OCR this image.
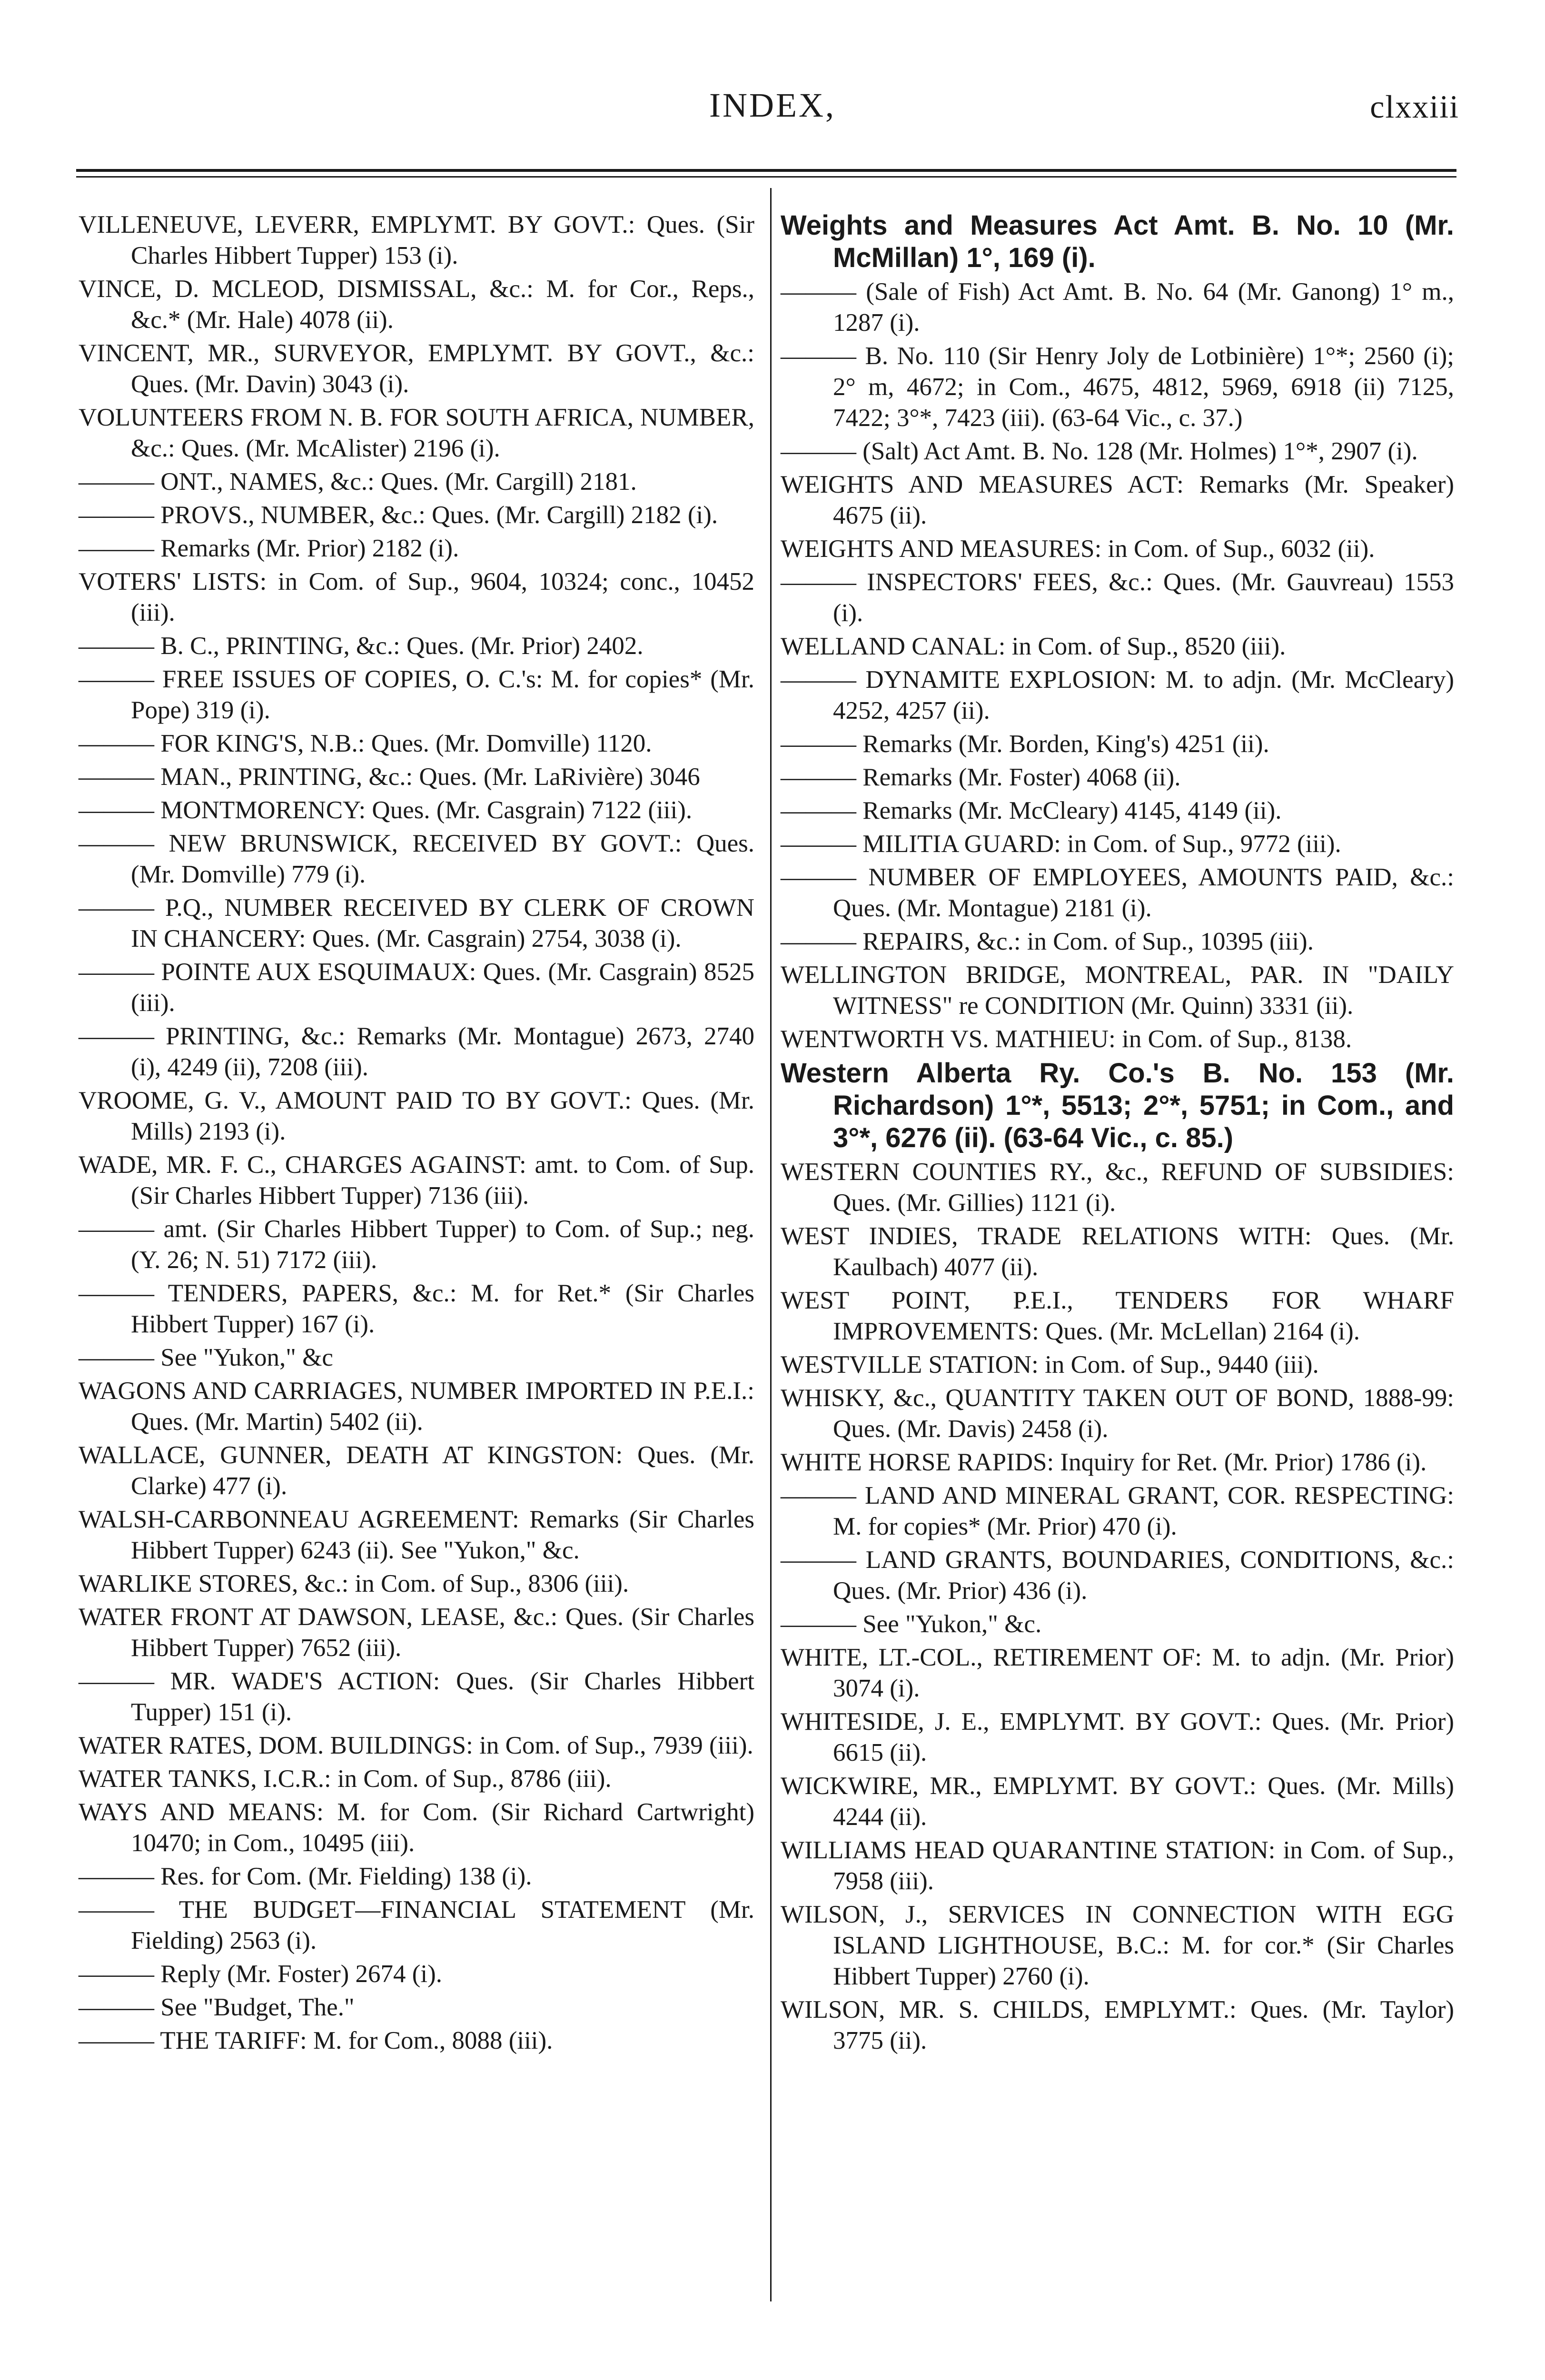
INDEX,	clxxiii

VILLENEUVE, LEVERR, EMPLYMT. BY GOVT.: Ques. (Sir Charles Hibbert Tupper) 153 (i).

VINCE, D. MCLEOD, DISMISSAL, &c.: M. for Cor., Reps., &c.* (Mr. Hale) 4078 (ii).

VINCENT, MR., SURVEYOR, EMPLYMT. BY GOVT., &c.: Ques. (Mr. Davin) 3043 (i).

VOLUNTEERS FROM N. B. FOR SOUTH AFRICA, NUMBER, &c.: Ques. (Mr. McAlister) 2196 (i).

——— ONT., NAMES, &c.: Ques. (Mr. Cargill) 2181.

——— PROVS., NUMBER, &c.: Ques. (Mr. Cargill) 2182 (i).

——— Remarks (Mr. Prior) 2182 (i).

VOTERS' LISTS: in Com. of Sup., 9604, 10324; conc., 10452 (iii).

——— B. C., PRINTING, &c.: Ques. (Mr. Prior) 2402.

——— FREE ISSUES OF COPIES, O. C.'s: M. for copies* (Mr. Pope) 319 (i).

——— FOR KING'S, N.B.: Ques. (Mr. Domville) 1120.

——— MAN., PRINTING, &c.: Ques. (Mr. LaRivière) 3046

——— MONTMORENCY: Ques. (Mr. Casgrain) 7122 (iii).

——— NEW BRUNSWICK, RECEIVED BY GOVT.: Ques. (Mr. Domville) 779 (i).

——— P.Q., NUMBER RECEIVED BY CLERK OF CROWN IN CHANCERY: Ques. (Mr. Casgrain) 2754, 3038 (i).

——— POINTE AUX ESQUIMAUX: Ques. (Mr. Casgrain) 8525 (iii).

——— PRINTING, &c.: Remarks (Mr. Montague) 2673, 2740 (i), 4249 (ii), 7208 (iii).

VROOME, G. V., AMOUNT PAID TO BY GOVT.: Ques. (Mr. Mills) 2193 (i).

WADE, MR. F. C., CHARGES AGAINST: amt. to Com. of Sup. (Sir Charles Hibbert Tupper) 7136 (iii).

——— amt. (Sir Charles Hibbert Tupper) to Com. of Sup.; neg. (Y. 26; N. 51) 7172 (iii).

——— TENDERS, PAPERS, &c.: M. for Ret.* (Sir Charles Hibbert Tupper) 167 (i).

——— See "Yukon," &c

WAGONS AND CARRIAGES, NUMBER IMPORTED IN P.E.I.: Ques. (Mr. Martin) 5402 (ii).

WALLACE, GUNNER, DEATH AT KINGSTON: Ques. (Mr. Clarke) 477 (i).

WALSH-CARBONNEAU AGREEMENT: Remarks (Sir Charles Hibbert Tupper) 6243 (ii). See "Yukon," &c.

WARLIKE STORES, &c.: in Com. of Sup., 8306 (iii).

WATER FRONT AT DAWSON, LEASE, &c.: Ques. (Sir Charles Hibbert Tupper) 7652 (iii).

——— MR. WADE'S ACTION: Ques. (Sir Charles Hibbert Tupper) 151 (i).

WATER RATES, DOM. BUILDINGS: in Com. of Sup., 7939 (iii).

WATER TANKS, I.C.R.: in Com. of Sup., 8786 (iii).

WAYS AND MEANS: M. for Com. (Sir Richard Cartwright) 10470; in Com., 10495 (iii).

——— Res. for Com. (Mr. Fielding) 138 (i).

——— THE BUDGET—FINANCIAL STATEMENT (Mr. Fielding) 2563 (i).

——— Reply (Mr. Foster) 2674 (i).

——— See "Budget, The."

——— THE TARIFF: M. for Com., 8088 (iii).

Weights and Measures Act Amt. B. No. 10 (Mr. McMillan) 1°, 169 (i).

——— (Sale of Fish) Act Amt. B. No. 64 (Mr. Ganong) 1° m., 1287 (i).

——— B. No. 110 (Sir Henry Joly de Lotbinière) 1°*; 2560 (i); 2° m, 4672; in Com., 4675, 4812, 5969, 6918 (ii) 7125, 7422; 3°*, 7423 (iii). (63-64 Vic., c. 37.)

——— (Salt) Act Amt. B. No. 128 (Mr. Holmes) 1°*, 2907 (i).

WEIGHTS AND MEASURES ACT: Remarks (Mr. Speaker) 4675 (ii).

WEIGHTS AND MEASURES: in Com. of Sup., 6032 (ii).

——— INSPECTORS' FEES, &c.: Ques. (Mr. Gauvreau) 1553 (i).

WELLAND CANAL: in Com. of Sup., 8520 (iii).

——— DYNAMITE EXPLOSION: M. to adjn. (Mr. McCleary) 4252, 4257 (ii).

——— Remarks (Mr. Borden, King's) 4251 (ii).

——— Remarks (Mr. Foster) 4068 (ii).

——— Remarks (Mr. McCleary) 4145, 4149 (ii).

——— MILITIA GUARD: in Com. of Sup., 9772 (iii).

——— NUMBER OF EMPLOYEES, AMOUNTS PAID, &c.: Ques. (Mr. Montague) 2181 (i).

——— REPAIRS, &c.: in Com. of Sup., 10395 (iii).

WELLINGTON BRIDGE, MONTREAL, PAR. IN "DAILY WITNESS" re CONDITION (Mr. Quinn) 3331 (ii).

WENTWORTH VS. MATHIEU: in Com. of Sup., 8138.

Western Alberta Ry. Co.'s B. No. 153 (Mr. Richardson) 1°*, 5513; 2°*, 5751; in Com., and 3°*, 6276 (ii). (63-64 Vic., c. 85.)

WESTERN COUNTIES RY., &c., REFUND OF SUBSIDIES: Ques. (Mr. Gillies) 1121 (i).

WEST INDIES, TRADE RELATIONS WITH: Ques. (Mr. Kaulbach) 4077 (ii).

WEST POINT, P.E.I., TENDERS FOR WHARF IMPROVEMENTS: Ques. (Mr. McLellan) 2164 (i).

WESTVILLE STATION: in Com. of Sup., 9440 (iii).

WHISKY, &c., QUANTITY TAKEN OUT OF BOND, 1888-99: Ques. (Mr. Davis) 2458 (i).

WHITE HORSE RAPIDS: Inquiry for Ret. (Mr. Prior) 1786 (i).

——— LAND AND MINERAL GRANT, COR. RESPECTING: M. for copies* (Mr. Prior) 470 (i).

——— LAND GRANTS, BOUNDARIES, CONDITIONS, &c.: Ques. (Mr. Prior) 436 (i).

——— See "Yukon," &c.

WHITE, LT.-COL., RETIREMENT OF: M. to adjn. (Mr. Prior) 3074 (i).

WHITESIDE, J. E., EMPLYMT. BY GOVT.: Ques. (Mr. Prior) 6615 (ii).

WICKWIRE, MR., EMPLYMT. BY GOVT.: Ques. (Mr. Mills) 4244 (ii).

WILLIAMS HEAD QUARANTINE STATION: in Com. of Sup., 7958 (iii).

WILSON, J., SERVICES IN CONNECTION WITH EGG ISLAND LIGHTHOUSE, B.C.: M. for cor.* (Sir Charles Hibbert Tupper) 2760 (i).

WILSON, MR. S. CHILDS, EMPLYMT.: Ques. (Mr. Taylor) 3775 (ii).
